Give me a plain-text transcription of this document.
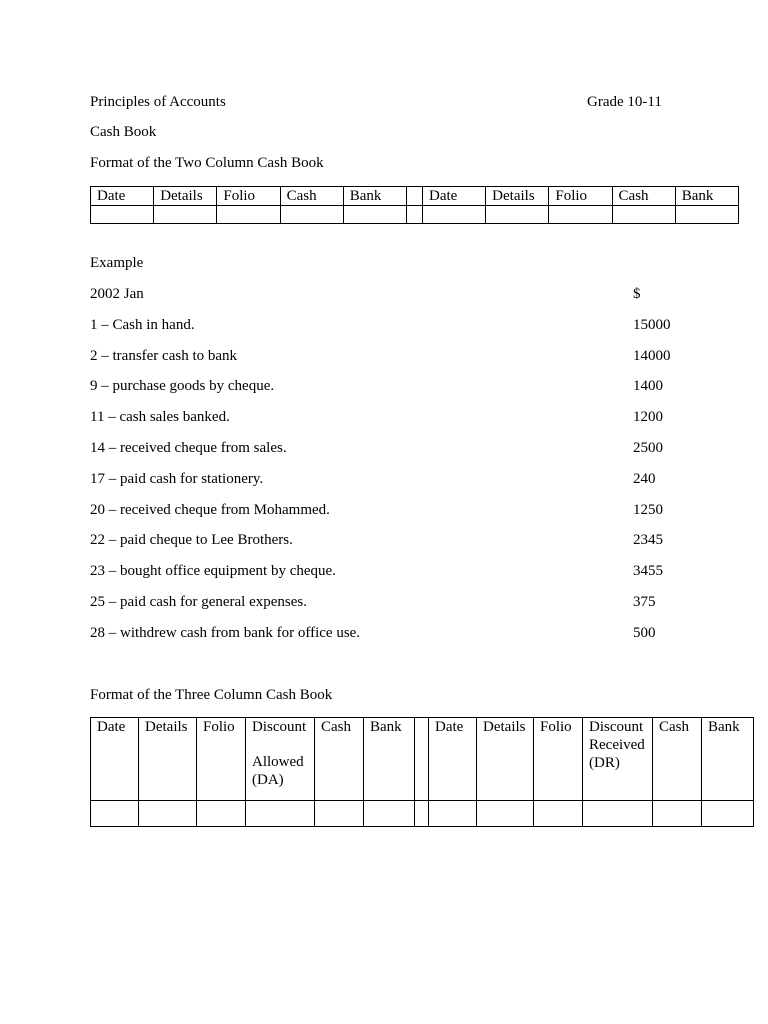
Principles of Accounts	Grade 10-11
Cash Book
Format of the Two Column Cash Book
Date	Details	Folio	Cash	Bank		Date	Details	Folio	Cash	Bank

Example
2002 Jan	$
1 – Cash in hand.	15000
2 – transfer cash to bank	14000
9 – purchase goods by cheque.	1400
11 – cash sales banked.	1200
14 – received cheque from sales.	2500
17 – paid cash for stationery.	240
20 – received cheque from Mohammed.	1250
22 – paid cheque to Lee Brothers.	2345
23 – bought office equipment by cheque.	3455
25 – paid cash for general expenses.	375
28 – withdrew cash from bank for office use.	500
Format of the Three Column Cash Book
Date	Details	Folio	Discount
Allowed
(DA)	Cash	Bank		Date	Details	Folio	Discount
Received
(DR)	Cash	Bank
